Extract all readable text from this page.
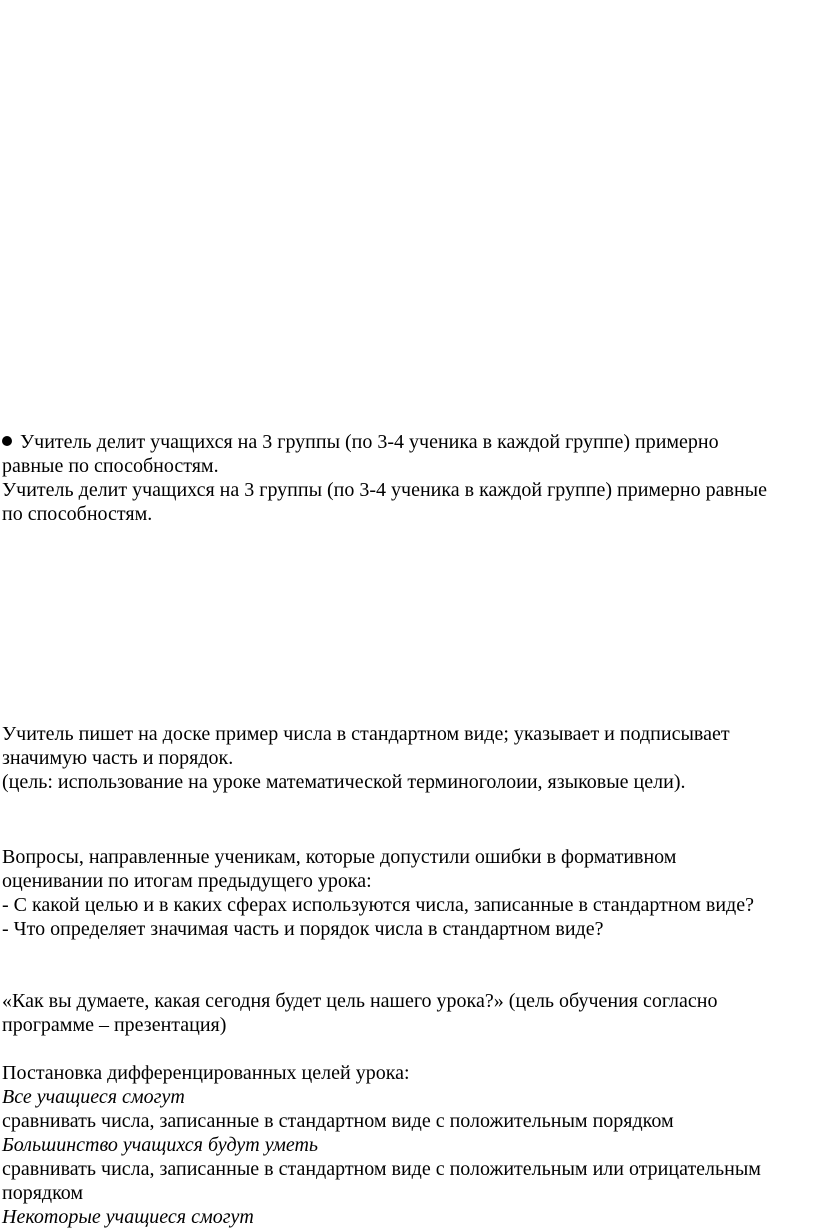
Учитель делит учащихся на 3 группы (по 3-4 ученика в каждой группе) примерно
равные по способностям.
Учитель делит учащихся на 3 группы (по 3-4 ученика в каждой группе) примерно равные
по способностям.
Учитель пишет на доске пример числа в стандартном виде; указывает и подписывает
значимую часть и порядок.
(цель: использование на уроке математической терминоголоии, языковые цели).
Вопросы, направленные ученикам, которые допустили ошибки в формативном
оценивании по итогам предыдущего урока:
- С какой целью и в каких сферах используются числа, записанные в стандартном виде?
- Что определяет значимая часть и порядок числа в стандартном виде?
«Как вы думаете, какая сегодня будет цель нашего урока?» (цель обучения согласно
программе – презентация)
Постановка дифференцированных целей урока:
Все учащиеся смогут
сравнивать числа, записанные в стандартном виде с положительным порядком
Большинство учащихся будут уметь
сравнивать числа, записанные в стандартном виде с положительным или отрицательным
порядком
Некоторые учащиеся смогут
